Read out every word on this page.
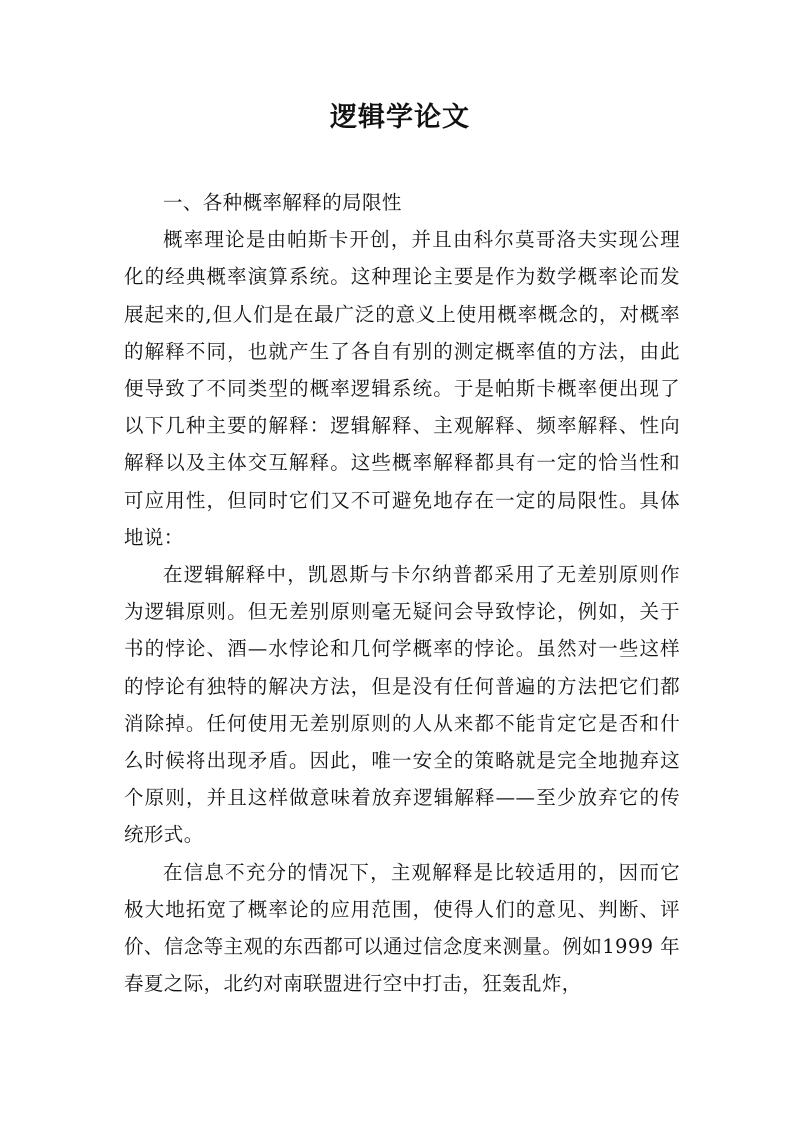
逻辑学论文

一、各种概率解释的局限性

概率理论是由帕斯卡开创，并且由科尔莫哥洛夫实现公理化的经典概率演算系统。这种理论主要是作为数学概率论而发展起来的,但人们是在最广泛的意义上使用概率概念的，对概率的解释不同，也就产生了各自有别的测定概率值的方法，由此便导致了不同类型的概率逻辑系统。于是帕斯卡概率便出现了以下几种主要的解释：逻辑解释、主观解释、频率解释、性向解释以及主体交互解释。这些概率解释都具有一定的恰当性和可应用性，但同时它们又不可避免地存在一定的局限性。具体地说：

在逻辑解释中，凯恩斯与卡尔纳普都采用了无差别原则作为逻辑原则。但无差别原则毫无疑问会导致悖论，例如，关于书的悖论、酒—水悖论和几何学概率的悖论。虽然对一些这样的悖论有独特的解决方法，但是没有任何普遍的方法把它们都消除掉。任何使用无差别原则的人从来都不能肯定它是否和什么时候将出现矛盾。因此，唯一安全的策略就是完全地抛弃这个原则，并且这样做意味着放弃逻辑解释——至少放弃它的传统形式。

在信息不充分的情况下，主观解释是比较适用的，因而它极大地拓宽了概率论的应用范围，使得人们的意见、判断、评价、信念等主观的东西都可以通过信念度来测量。例如1999 年春夏之际，北约对南联盟进行空中打击，狂轰乱炸，
